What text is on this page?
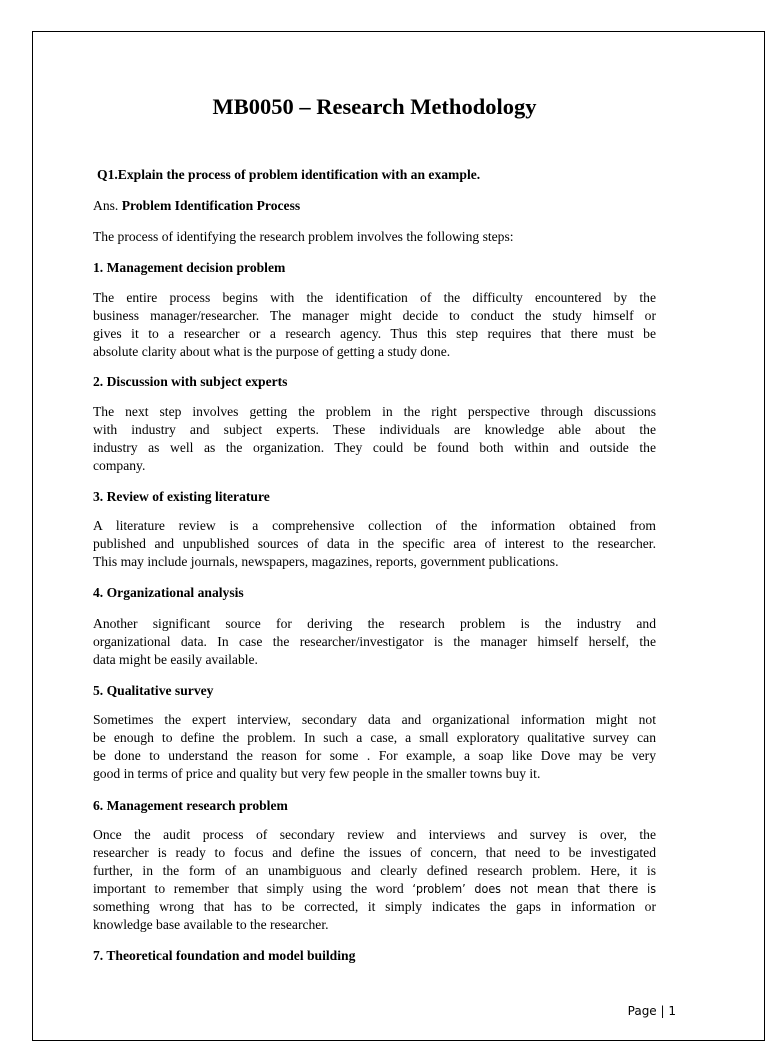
MB0050 – Research Methodology

Q1.Explain the process of problem identification with an example.

Ans. Problem Identification Process

The process of identifying the research problem involves the following steps:

1. Management decision problem

The entire process begins with the identification of the difficulty encountered by the
business manager/researcher. The manager might decide to conduct the study himself or
gives it to a researcher or a research agency. Thus this step requires that there must be
absolute clarity about what is the purpose of getting a study done.

2. Discussion with subject experts

The next step involves getting the problem in the right perspective through discussions
with industry and subject experts. These individuals are knowledge able about the
industry as well as the organization. They could be found both within and outside the
company.

3. Review of existing literature

A literature review is a comprehensive collection of the information obtained from
published and unpublished sources of data in the specific area of interest to the researcher.
This may include journals, newspapers, magazines, reports, government publications.

4. Organizational analysis

Another significant source for deriving the research problem is the industry and
organizational data. In case the researcher/investigator is the manager himself herself, the
data might be easily available.

5. Qualitative survey

Sometimes the expert interview, secondary data and organizational information might not
be enough to define the problem. In such a case, a small exploratory qualitative survey can
be done to understand the reason for some . For example, a soap like Dove may be very
good in terms of price and quality but very few people in the smaller towns buy it.

6. Management research problem

Once the audit process of secondary review and interviews and survey is over, the
researcher is ready to focus and define the issues of concern, that need to be investigated
further, in the form of an unambiguous and clearly defined research problem. Here, it is
important to remember that simply using the word ‘problem’ does not mean that there is
something wrong that has to be corrected, it simply indicates the gaps in information or
knowledge base available to the researcher.

7. Theoretical foundation and model building

Page | 1
